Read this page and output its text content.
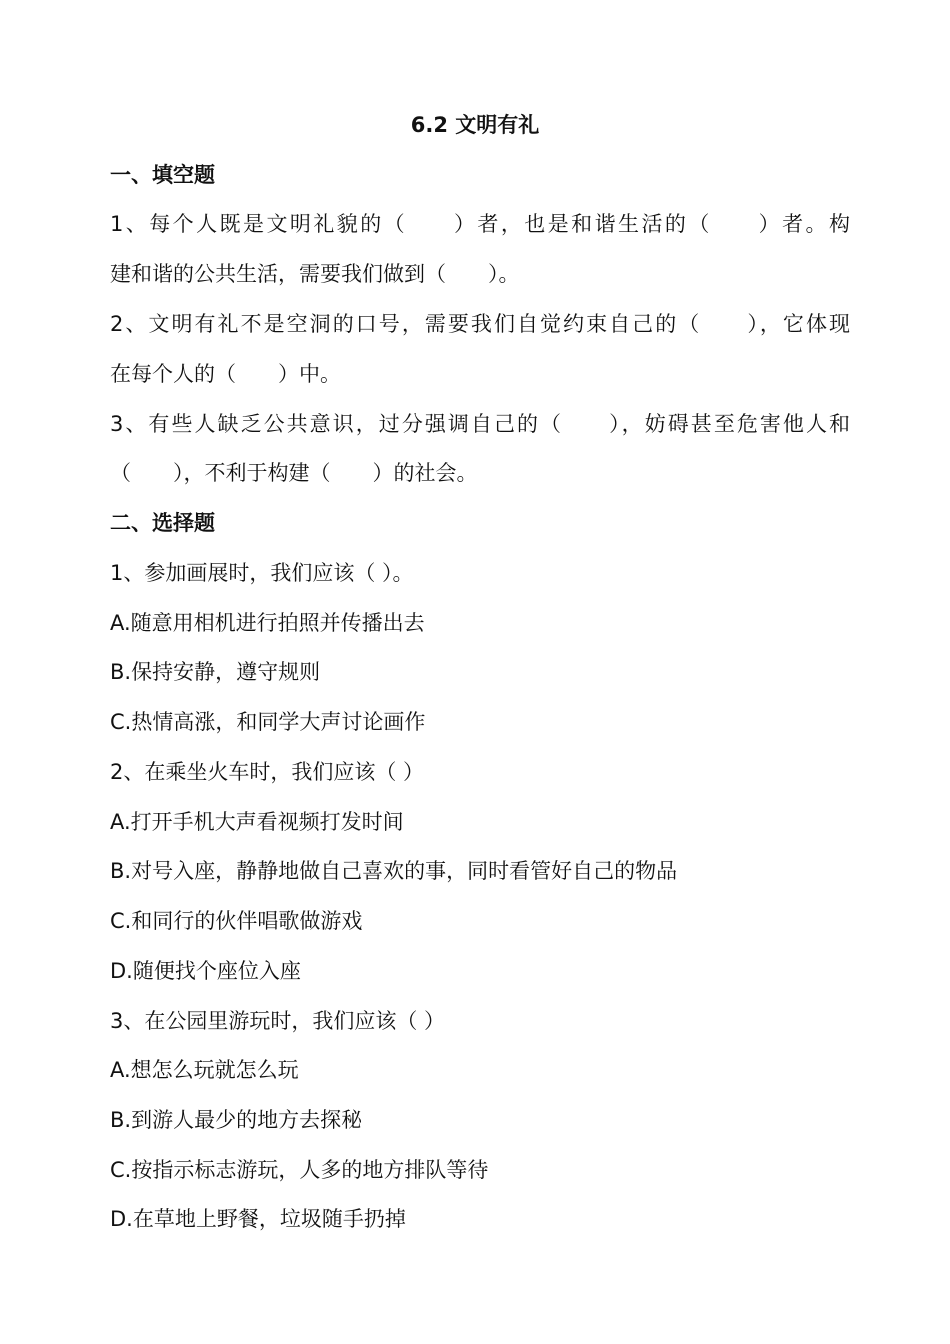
6.2 文明有礼
一、填空题
1、每个人既是文明礼貌的（　　）者，也是和谐生活的（　　）者。构
建和谐的公共生活，需要我们做到（　　）。
2、文明有礼不是空洞的口号，需要我们自觉约束自己的（　　），它体现
在每个人的（　　）中。
3、有些人缺乏公共意识，过分强调自己的（　　），妨碍甚至危害他人和
（　　），不利于构建（　　）的社会。
二、选择题
1、参加画展时，我们应该（ ）。
A.随意用相机进行拍照并传播出去
B.保持安静，遵守规则
C.热情高涨，和同学大声讨论画作
2、在乘坐火车时，我们应该（ ）
A.打开手机大声看视频打发时间
B.对号入座，静静地做自己喜欢的事，同时看管好自己的物品
C.和同行的伙伴唱歌做游戏
D.随便找个座位入座
3、在公园里游玩时，我们应该（ ）
A.想怎么玩就怎么玩
B.到游人最少的地方去探秘
C.按指示标志游玩，人多的地方排队等待
D.在草地上野餐，垃圾随手扔掉
